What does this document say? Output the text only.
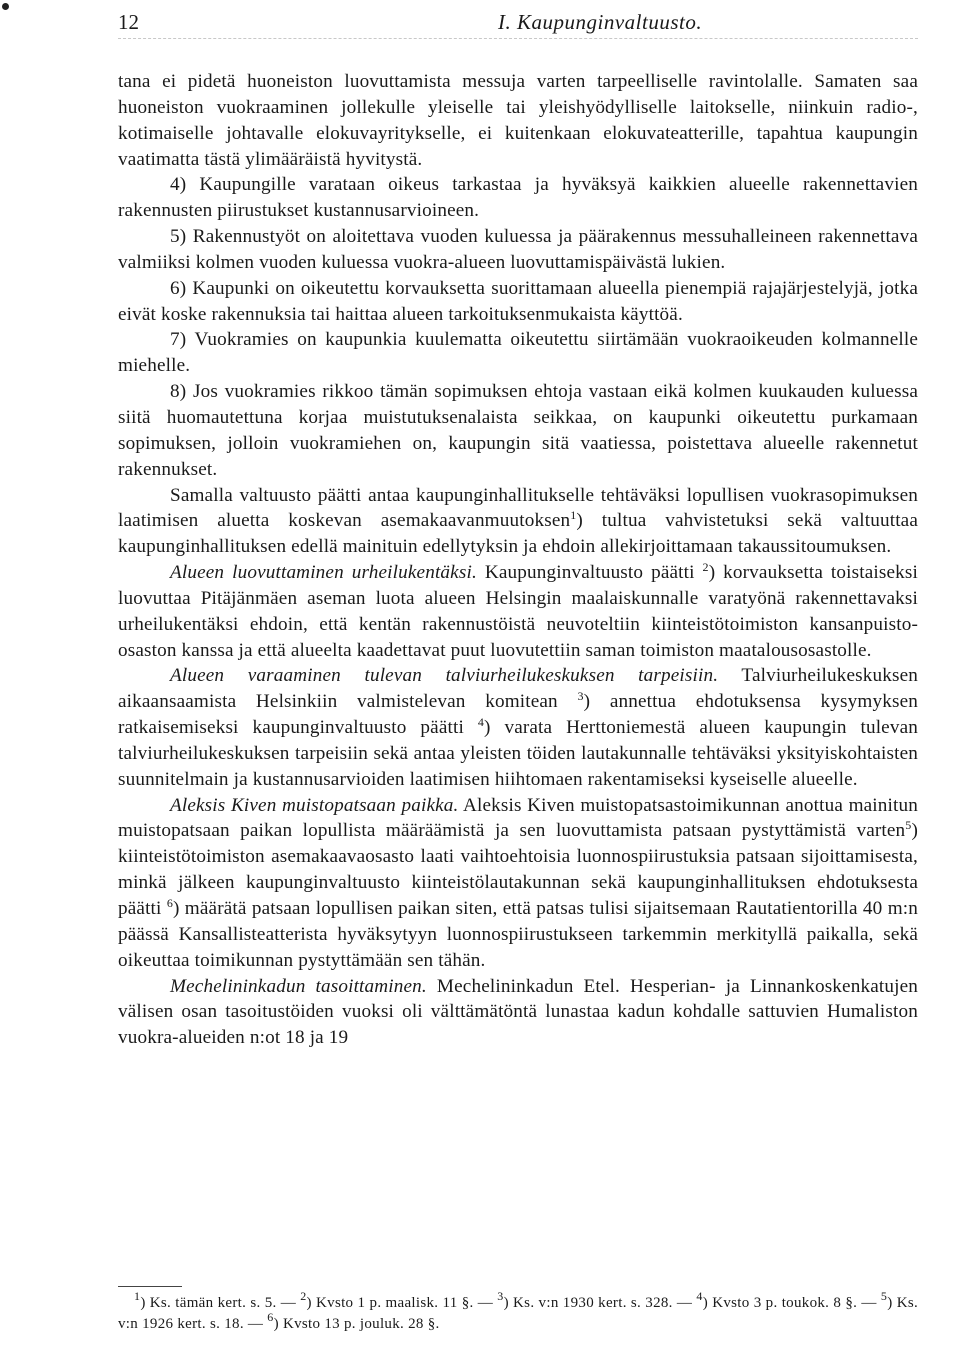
12	I. Kaupunginvaltuusto.

tana ei pidetä huoneiston luovuttamista messuja varten tarpeelliselle ravintolalle. Samaten saa huoneiston vuokraaminen jollekulle yleiselle tai yleishyödylliselle laitokselle, niinkuin radio-, kotimaiselle johtavalle elokuvayritykselle, ei kuitenkaan elokuvateatterille, tapahtua kaupungin vaatimatta tästä ylimääräistä hyvitystä.

4) Kaupungille varataan oikeus tarkastaa ja hyväksyä kaikkien alueelle rakennettavien rakennusten piirustukset kustannusarvioineen.

5) Rakennustyöt on aloitettava vuoden kuluessa ja päärakennus messuhalleineen rakennettava valmiiksi kolmen vuoden kuluessa vuokra-alueen luovuttamispäivästä lukien.

6) Kaupunki on oikeutettu korvauksetta suorittamaan alueella pienempiä rajajärjestelyjä, jotka eivät koske rakennuksia tai haittaa alueen tarkoituksenmukaista käyttöä.

7) Vuokramies on kaupunkia kuulematta oikeutettu siirtämään vuokraoikeuden kolmannelle miehelle.

8) Jos vuokramies rikkoo tämän sopimuksen ehtoja vastaan eikä kolmen kuukauden kuluessa siitä huomautettuna korjaa muistutuksenalaista seikkaa, on kaupunki oikeutettu purkamaan sopimuksen, jolloin vuokramiehen on, kaupungin sitä vaatiessa, poistettava alueelle rakennetut rakennukset.

Samalla valtuusto päätti antaa kaupunginhallitukselle tehtäväksi lopullisen vuokrasopimuksen laatimisen aluetta koskevan asemakaavanmuutoksen$^1$) tultua vahvistetuksi sekä valtuuttaa kaupunginhallituksen edellä mainituin edellytyksin ja ehdoin allekirjoittamaan takaussitoumuksen.

Alueen luovuttaminen urheilukentäksi. Kaupunginvaltuusto päätti $^2$) korvauksetta toistaiseksi luovuttaa Pitäjänmäen aseman luota alueen Helsingin maalaiskunnalle varatyönä rakennettavaksi urheilukentäksi ehdoin, että kentän rakennustöistä neuvoteltiin kiinteistötoimiston kansanpuisto-osaston kanssa ja että alueelta kaadettavat puut luovutettiin saman toimiston maatalousosastolle.

Alueen varaaminen tulevan talviurheilukeskuksen tarpeisiin. Talviurheilukeskuksen aikaansaamista Helsinkiin valmistelevan komitean $^3$) annettua ehdotuksensa kysymyksen ratkaisemiseksi kaupunginvaltuusto päätti $^4$) varata Herttoniemestä alueen kaupungin tulevan talviurheilukeskuksen tarpeisiin sekä antaa yleisten töiden lautakunnalle tehtäväksi yksityiskohtaisten suunnitelmain ja kustannusarvioiden laatimisen hiihtomaen rakentamiseksi kyseiselle alueelle.

Aleksis Kiven muistopatsaan paikka. Aleksis Kiven muistopatsastoimikunnan anottua mainitun muistopatsaan paikan lopullista määräämistä ja sen luovuttamista patsaan pystyttämistä varten$^5$) kiinteistötoimiston asemakaavaosasto laati vaihtoehtoisia luonnospiirustuksia patsaan sijoittamisesta, minkä jälkeen kaupunginvaltuusto kiinteistölautakunnan sekä kaupunginhallituksen ehdotuksesta päätti $^6$) määrätä patsaan lopullisen paikan siten, että patsas tulisi sijaitsemaan Rautatientorilla 40 m:n päässä Kansallisteatterista hyväksytyyn luonnospiirustukseen tarkemmin merkityllä paikalla, sekä oikeuttaa toimikunnan pystyttämään sen tähän.

Mechelininkadun tasoittaminen. Mechelininkadun Etel. Hesperian- ja Linnankoskenkatujen välisen osan tasoitustöiden vuoksi oli välttämätöntä lunastaa kadun kohdalle sattuvien Humaliston vuokra-alueiden n:ot 18 ja 19

$^1$) Ks. tämän kert. s. 5. — $^2$) Kvsto 1 p. maalisk. 11 §. — $^3$) Ks. v:n 1930 kert. s. 328. — $^4$) Kvsto 3 p. toukok. 8 §. — $^5$) Ks. v:n 1926 kert. s. 18. — $^6$) Kvsto 13 p. jouluk. 28 §.
